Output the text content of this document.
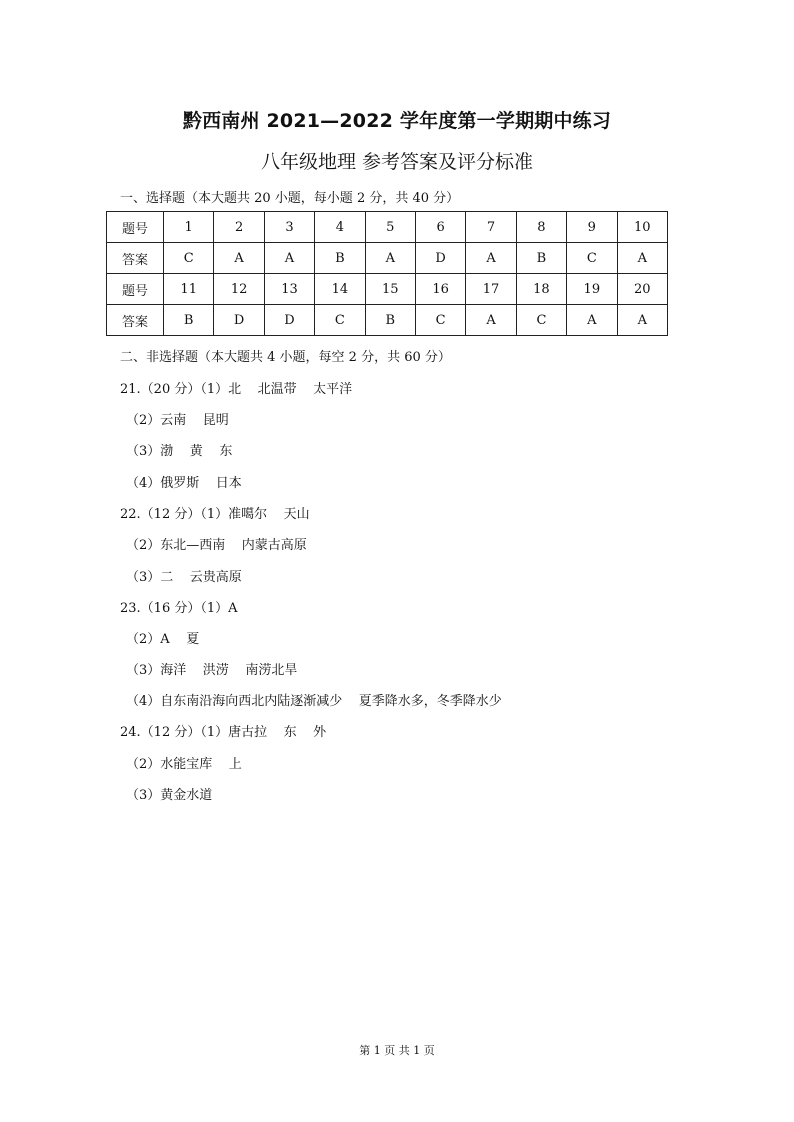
黔西南州 2021—2022 学年度第一学期期中练习
八年级地理 参考答案及评分标准
一、选择题（本大题共 20 小题，每小题 2 分，共 40 分）
题号	1	2	3	4	5	6	7	8	9	10
答案	C	A	A	B	A	D	A	B	C	A
题号	11	12	13	14	15	16	17	18	19	20
答案	B	D	D	C	B	C	A	C	A	A
二、非选择题（本大题共 4 小题，每空 2 分，共 60 分）
21.（20 分）（1）北    北温带    太平洋
（2）云南    昆明
（3）渤    黄    东
（4）俄罗斯    日本
22.（12 分）（1）准噶尔    天山
（2）东北—西南    内蒙古高原
（3）二    云贵高原
23.（16 分）（1）A
（2）A    夏
（3）海洋    洪涝    南涝北旱
（4）自东南沿海向西北内陆逐渐减少    夏季降水多，冬季降水少
24.（12 分）（1）唐古拉    东    外
（2）水能宝库    上
（3）黄金水道
第 1 页 共 1 页
